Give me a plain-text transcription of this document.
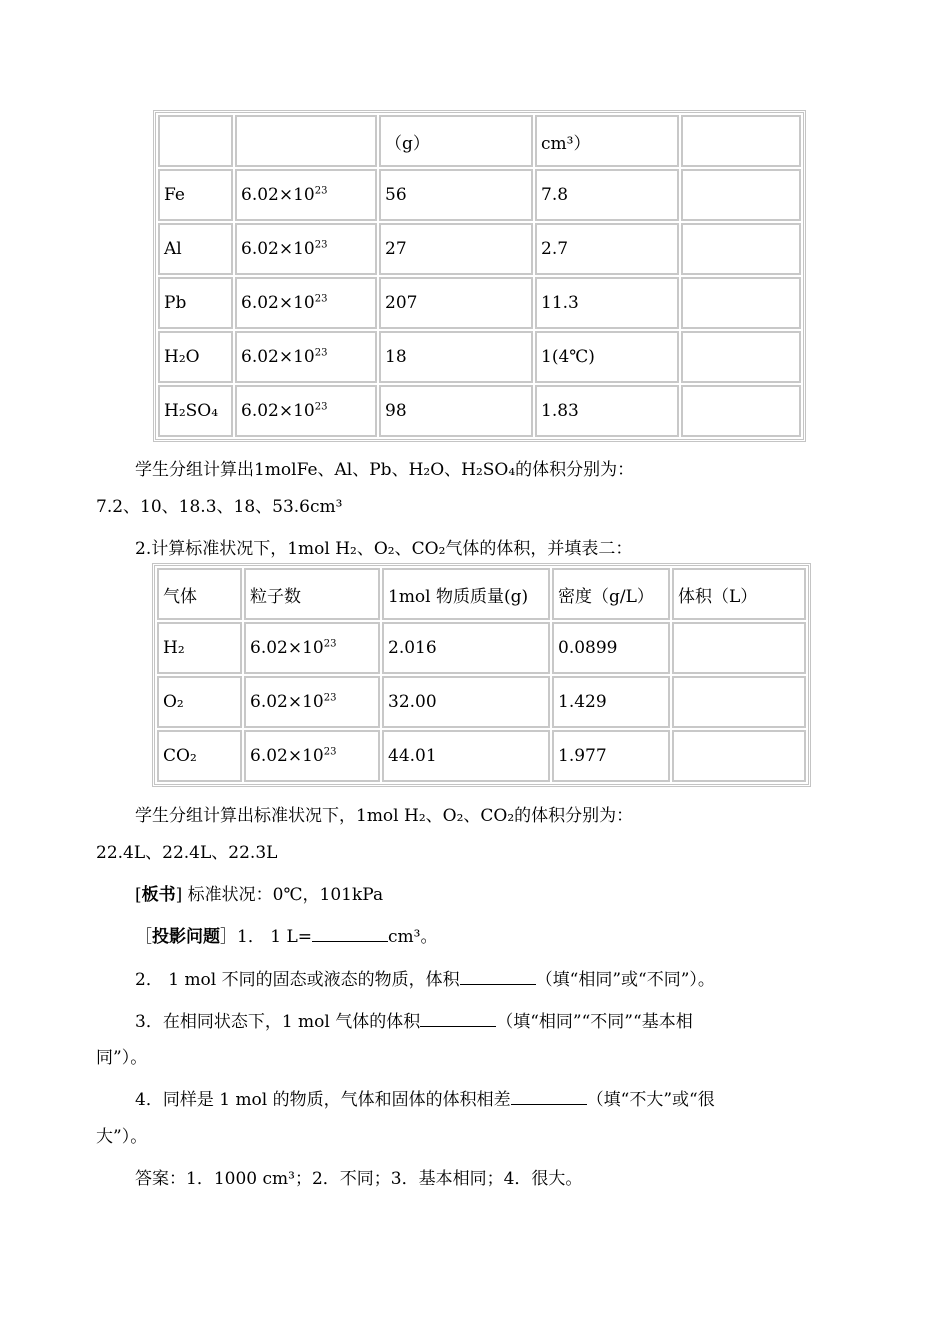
		（g）	cm³）	
Fe	$6.02\times 10^{23}$	56	7.8	
Al	$6.02\times 10^{23}$	27	2.7	
Pb	$6.02\times 10^{23}$	207	11.3	
H₂O	$6.02\times 10^{23}$	18	1(4℃)	
H₂SO₄	$6.02\times 10^{23}$	98	1.83	
学生分组计算出1molFe、Al、Pb、H₂O、H₂SO₄的体积分别为：
7.2、10、18.3、18、53.6cm³
2.计算标准状况下，1mol H₂、O₂、CO₂气体的体积，并填表二：
气体	粒子数	1mol 物质质量(g)	密度（g/L）	体积（L）
H₂	$6.02\times 10^{23}$	2.016	0.0899	
O₂	$6.02\times 10^{23}$	32.00	1.429	
CO₂	$6.02\times 10^{23}$	44.01	1.977	
学生分组计算出标准状况下，1mol H₂、O₂、CO₂的体积分别为：
22.4L、22.4L、22.3L
[板书] 标准状况：0℃，101kPa
［投影问题］1． 1 L=	cm³。
2． 1 mol 不同的固态或液态的物质，体积	（填“相同”或“不同”）。
3．在相同状态下，1 mol 气体的体积	（填“相同”“不同”“基本相
同”）。
4．同样是 1 mol 的物质，气体和固体的体积相差	（填“不大”或“很
大”）。
答案：1．1000 cm³；2．不同；3．基本相同；4．很大。
